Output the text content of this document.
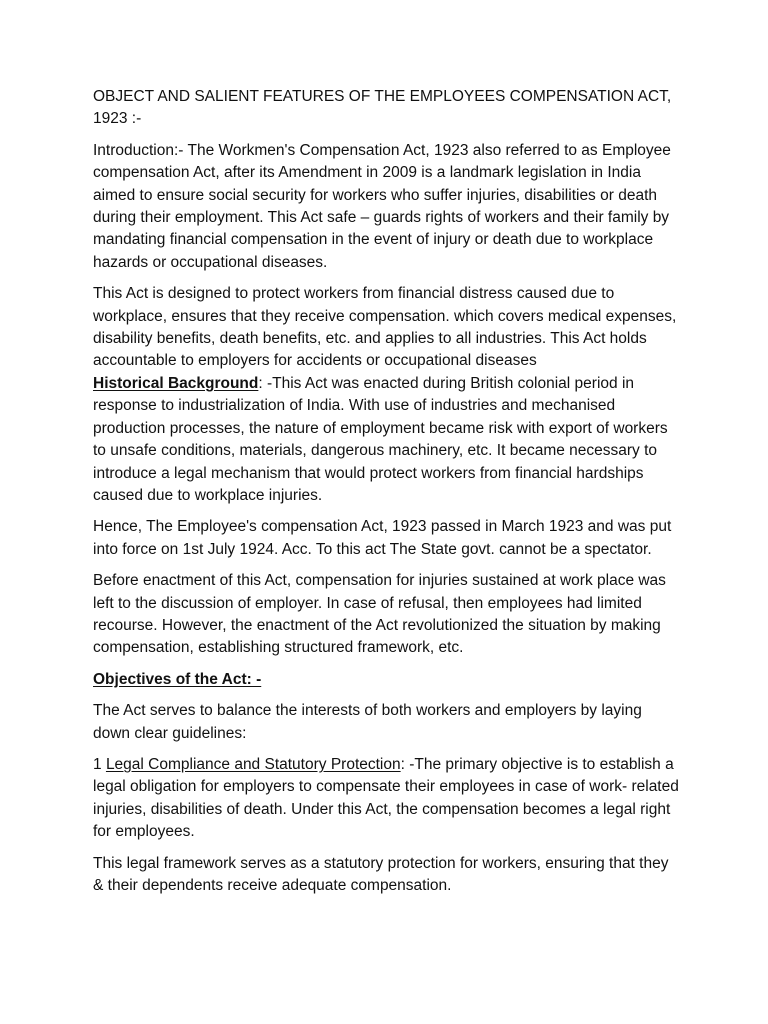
OBJECT AND SALIENT FEATURES OF THE EMPLOYEES COMPENSATION ACT, 1923 :-

Introduction:- The Workmen's Compensation Act, 1923 also referred to as Employee compensation Act, after its Amendment in 2009 is a landmark legislation in India aimed to ensure social security for workers who suffer injuries, disabilities or death during their employment. This Act safe – guards rights of workers and their family by mandating financial compensation in the event of injury or death due to workplace hazards or occupational diseases.

This Act is designed to protect workers from financial distress caused due to workplace, ensures that they receive compensation. which covers medical expenses, disability benefits, death benefits, etc. and applies to all industries. This Act holds accountable to employers for accidents or occupational diseases

Historical Background: -This Act was enacted during British colonial period in response to industrialization of India. With use of industries and mechanised production processes, the nature of employment became risk with export of workers to unsafe conditions, materials, dangerous machinery, etc. It became necessary to introduce a legal mechanism that would protect workers from financial hardships caused due to workplace injuries.

Hence, The Employee's compensation Act, 1923 passed in March 1923 and was put into force on 1st July 1924. Acc. To this act The State govt. cannot be a spectator.

Before enactment of this Act, compensation for injuries sustained at work place was left to the discussion of employer. In case of refusal, then employees had limited recourse. However, the enactment of the Act revolutionized the situation by making compensation, establishing structured framework, etc.

Objectives of the Act: -

The Act serves to balance the interests of both workers and employers by laying down clear guidelines:

1 Legal Compliance and Statutory Protection: -The primary objective is to establish a legal obligation for employers to compensate their employees in case of work- related injuries, disabilities of death. Under this Act, the compensation becomes a legal right for employees.

This legal framework serves as a statutory protection for workers, ensuring that they & their dependents receive adequate compensation.
